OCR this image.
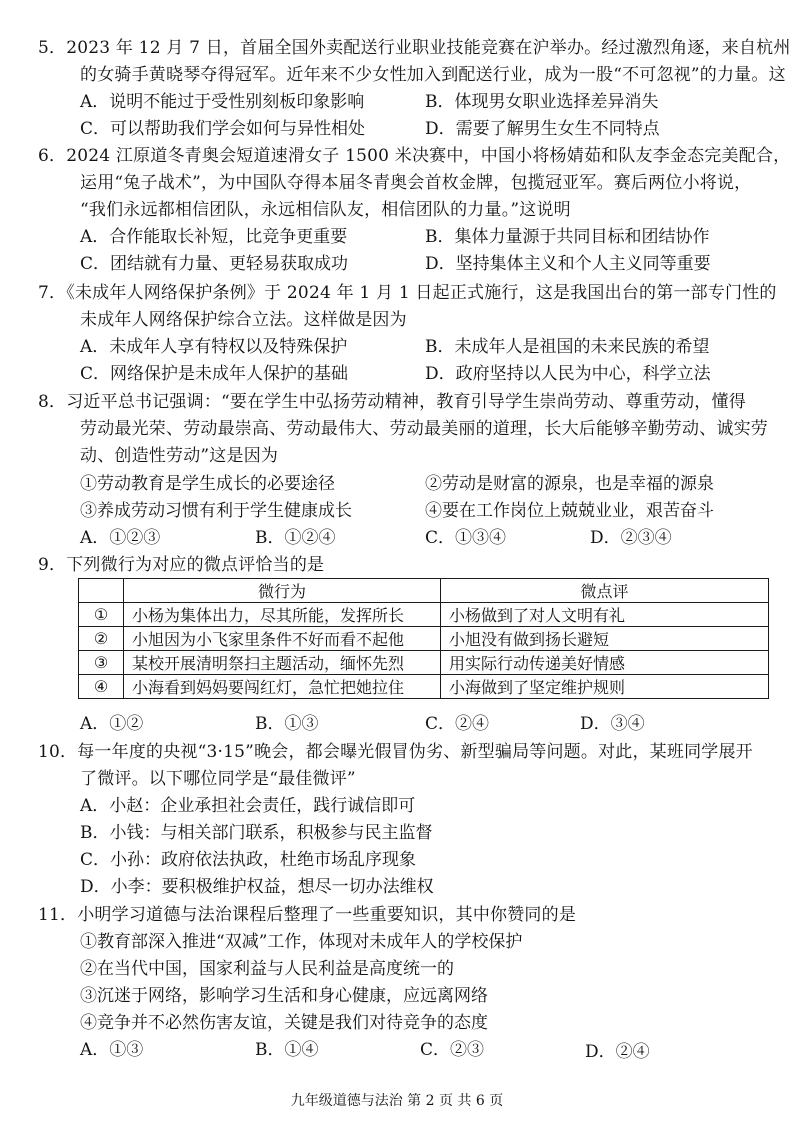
5．2023 年 12 月 7 日，首届全国外卖配送行业职业技能竞赛在沪举办。经过激烈角逐，来自杭州
的女骑手黄晓琴夺得冠军。近年来不少女性加入到配送行业，成为一股“不可忽视”的力量。这
A．说明不能过于受性别刻板印象影响	B．体现男女职业选择差异消失
C．可以帮助我们学会如何与异性相处	D．需要了解男生女生不同特点
6．2024 江原道冬青奥会短道速滑女子 1500 米决赛中，中国小将杨婧茹和队友李金态完美配合，
运用“兔子战术”，为中国队夺得本届冬青奥会首枚金牌，包揽冠亚军。赛后两位小将说，
“我们永远都相信团队，永远相信队友，相信团队的力量。”这说明
A．合作能取长补短，比竞争更重要	B．集体力量源于共同目标和团结协作
C．团结就有力量、更轻易获取成功	D．坚持集体主义和个人主义同等重要
7．《未成年人网络保护条例》于 2024 年 1 月 1 日起正式施行，这是我国出台的第一部专门性的
未成年人网络保护综合立法。这样做是因为
A．未成年人享有特权以及特殊保护	B．未成年人是祖国的未来民族的希望
C．网络保护是未成年人保护的基础	D．政府坚持以人民为中心，科学立法
8．习近平总书记强调：“要在学生中弘扬劳动精神，教育引导学生崇尚劳动、尊重劳动，懂得
劳动最光荣、劳动最崇高、劳动最伟大、劳动最美丽的道理，长大后能够辛勤劳动、诚实劳
动、创造性劳动”这是因为
①劳动教育是学生成长的必要途径	②劳动是财富的源泉，也是幸福的源泉
③养成劳动习惯有利于学生健康成长	④要在工作岗位上兢兢业业，艰苦奋斗
A．①②③	B．①②④	C．①③④	D．②③④
9．下列微行为对应的微点评恰当的是
	微行为	微点评
①	小杨为集体出力，尽其所能，发挥所长	小杨做到了对人文明有礼
②	小旭因为小飞家里条件不好而看不起他	小旭没有做到扬长避短
③	某校开展清明祭扫主题活动，缅怀先烈	用实际行动传递美好情感
④	小海看到妈妈要闯红灯，急忙把她拉住	小海做到了坚定维护规则
A．①②	B．①③	C．②④	D．③④
10．每一年度的央视“3·15”晚会，都会曝光假冒伪劣、新型骗局等问题。对此，某班同学展开
了微评。以下哪位同学是“最佳微评”
A．小赵：企业承担社会责任，践行诚信即可
B．小钱：与相关部门联系，积极参与民主监督
C．小孙：政府依法执政，杜绝市场乱序现象
D．小李：要积极维护权益，想尽一切办法维权
11．小明学习道德与法治课程后整理了一些重要知识，其中你赞同的是
①教育部深入推进“双减”工作，体现对未成年人的学校保护
②在当代中国，国家利益与人民利益是高度统一的
③沉迷于网络，影响学习生活和身心健康，应远离网络
④竞争并不必然伤害友谊，关键是我们对待竞争的态度
A．①③	B．①④	C．②③	D．②④
九年级道德与法治 第 2 页 共 6 页
